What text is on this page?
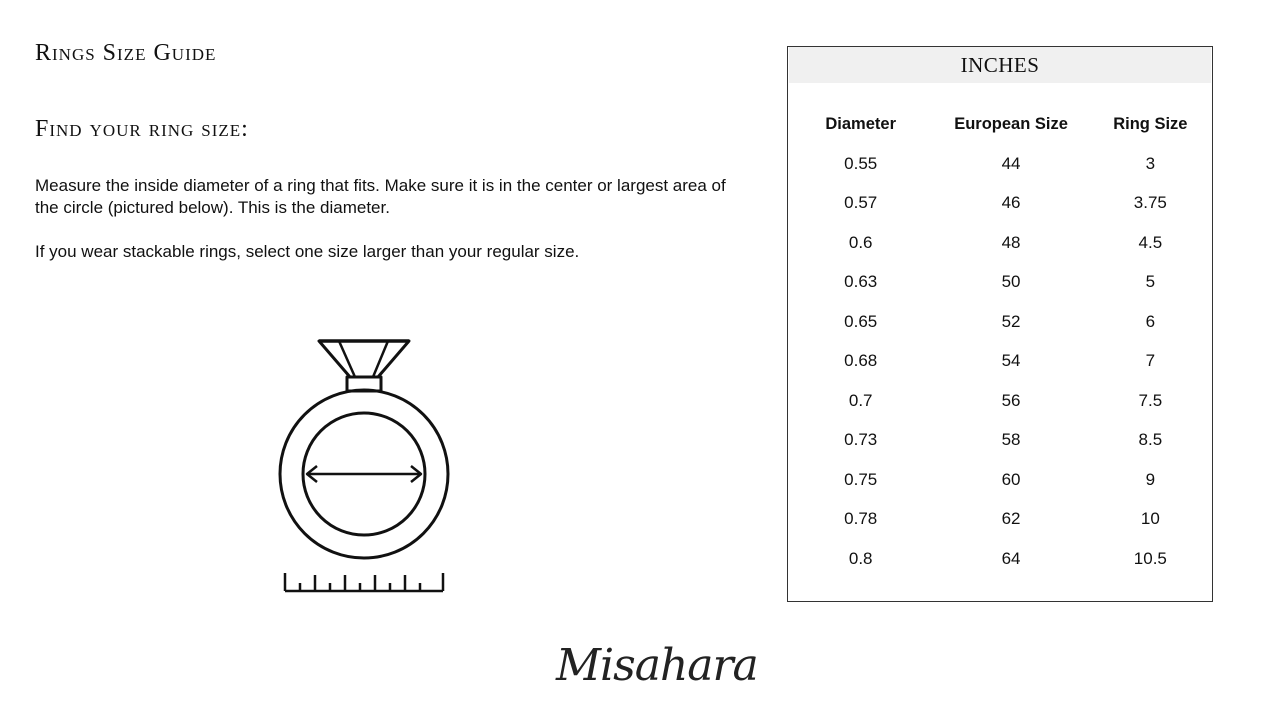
Rings Size Guide
Find your ring size:

Measure the inside diameter of a ring that fits. Make sure it is in the center or largest area of the circle (pictured below). This is the diameter.

If you wear stackable rings, select one size larger than your regular size.

INCHES
Diameter	European Size	Ring Size
0.55	44	3
0.57	46	3.75
0.6	48	4.5
0.63	50	5
0.65	52	6
0.68	54	7
0.7	56	7.5
0.73	58	8.5
0.75	60	9
0.78	62	10
0.8	64	10.5
Misahara
